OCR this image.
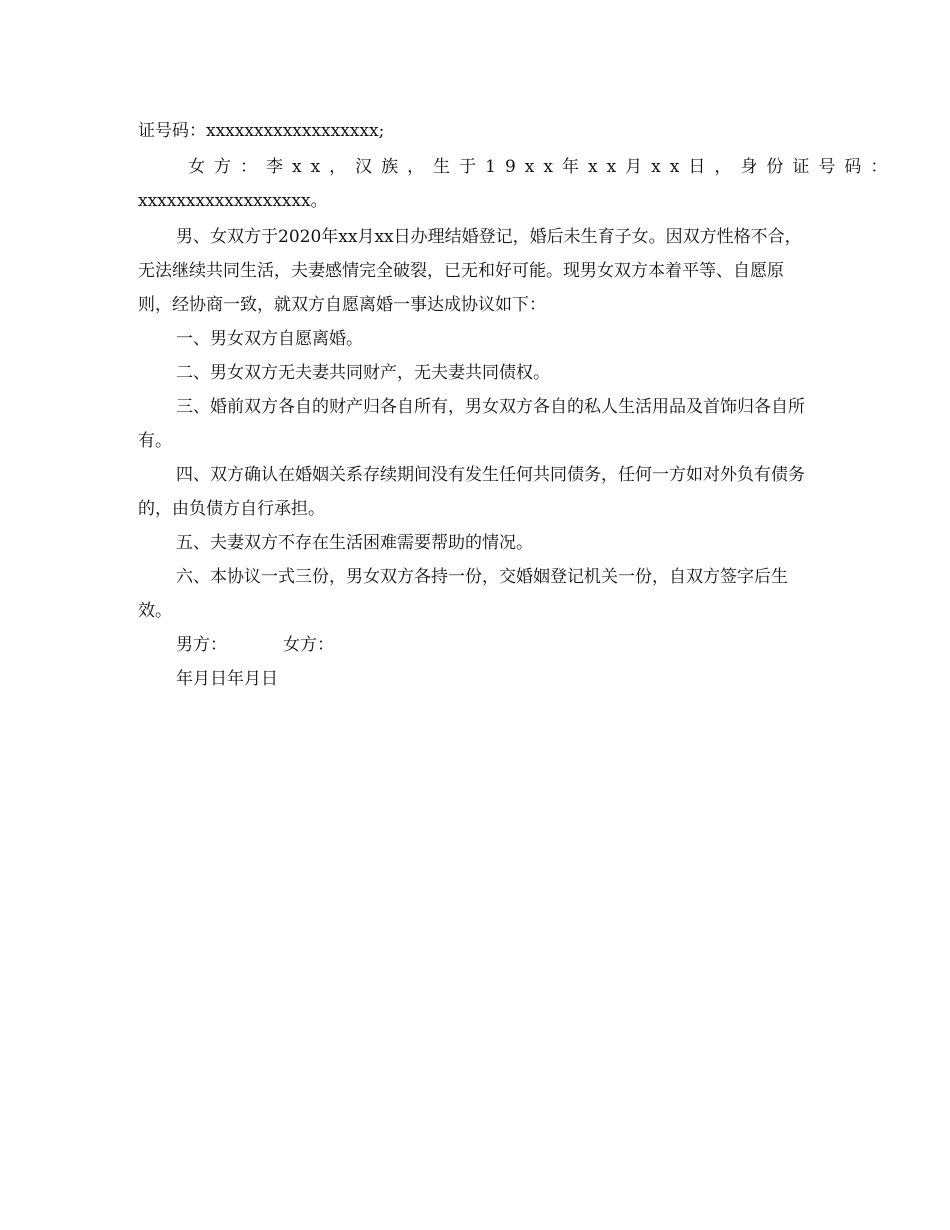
证号码：xxxxxxxxxxxxxxxxxx;
女方：李xx，汉族，生于19xx年xx月xx日，身份证号码：
xxxxxxxxxxxxxxxxxx。

男、女双方于2020年xx月xx日办理结婚登记，婚后未生育子女。因双方性格不合，无法继续共同生活，夫妻感情完全破裂，已无和好可能。现男女双方本着平等、自愿原则，经协商一致，就双方自愿离婚一事达成协议如下：

一、男女双方自愿离婚。

二、男女双方无夫妻共同财产，无夫妻共同债权。

三、婚前双方各自的财产归各自所有，男女双方各自的私人生活用品及首饰归各自所有。

四、双方确认在婚姻关系存续期间没有发生任何共同债务，任何一方如对外负有债务的，由负债方自行承担。

五、夫妻双方不存在生活困难需要帮助的情况。

六、本协议一式三份，男女双方各持一份，交婚姻登记机关一份，自双方签字后生效。

男方：	女方：

年月日年月日
